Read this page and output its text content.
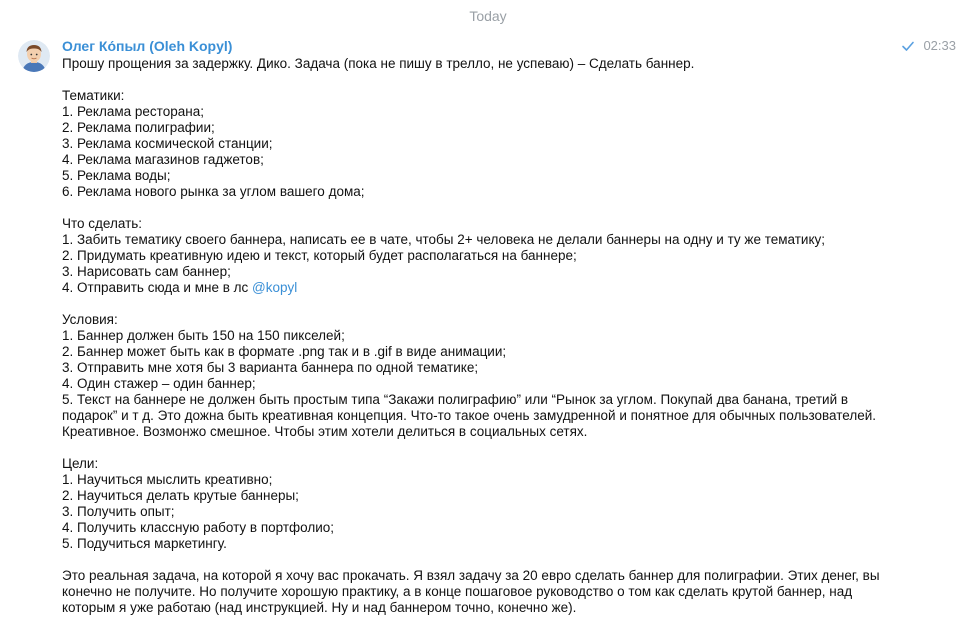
Today
02:33
Олег Ко́пыл (Oleh Kopyl)
Прошу прощения за задержку. Дико. Задача (пока не пишу в трелло, не успеваю) – Сделать баннер.
Тематики:
1. Реклама ресторана;
2. Реклама полиграфии;
3. Реклама космической станции;
4. Реклама магазинов гаджетов;
5. Реклама воды;
6. Реклама нового рынка за углом вашего дома;
Что сделать:
1. Забить тематику своего баннера, написать ее в чате, чтобы 2+ человека не делали баннеры на одну и ту же тематику;
2. Придумать креативную идею и текст, который будет располагаться на баннере;
3. Нарисовать сам баннер;
4. Отправить сюда и мне в лс @kopyl
Условия:
1. Баннер должен быть 150 на 150 пикселей;
2. Баннер может быть как в формате .png так и в .gif в виде анимации;
3. Отправить мне хотя бы 3 варианта баннера по одной тематике;
4. Один стажер – один баннер;
5. Текст на баннере не должен быть простым типа “Закажи полиграфию” или “Рынок за углом. Покупай два банана, третий в подарок” и т д. Это дожна быть креативная концепция. Что-то такое очень замудренной и понятное для обычных пользователей. Креативное. Возмонжо смешное. Чтобы этим хотели делиться в социальных сетях.
Цели:
1. Научиться мыслить креативно;
2. Научиться делать крутые баннеры;
3. Получить опыт;
4. Получить классную работу в портфолио;
5. Подучиться маркетингу.
Это реальная задача, на которой я хочу вас прокачать. Я взял задачу за 20 евро сделать баннер для полиграфии. Этих денег, вы конечно не получите. Но получите хорошую практику, а в конце пошаговое руководство о том как сделать крутой баннер, над которым я уже работаю (над инструкцией. Ну и над баннером точно, конечно же).
